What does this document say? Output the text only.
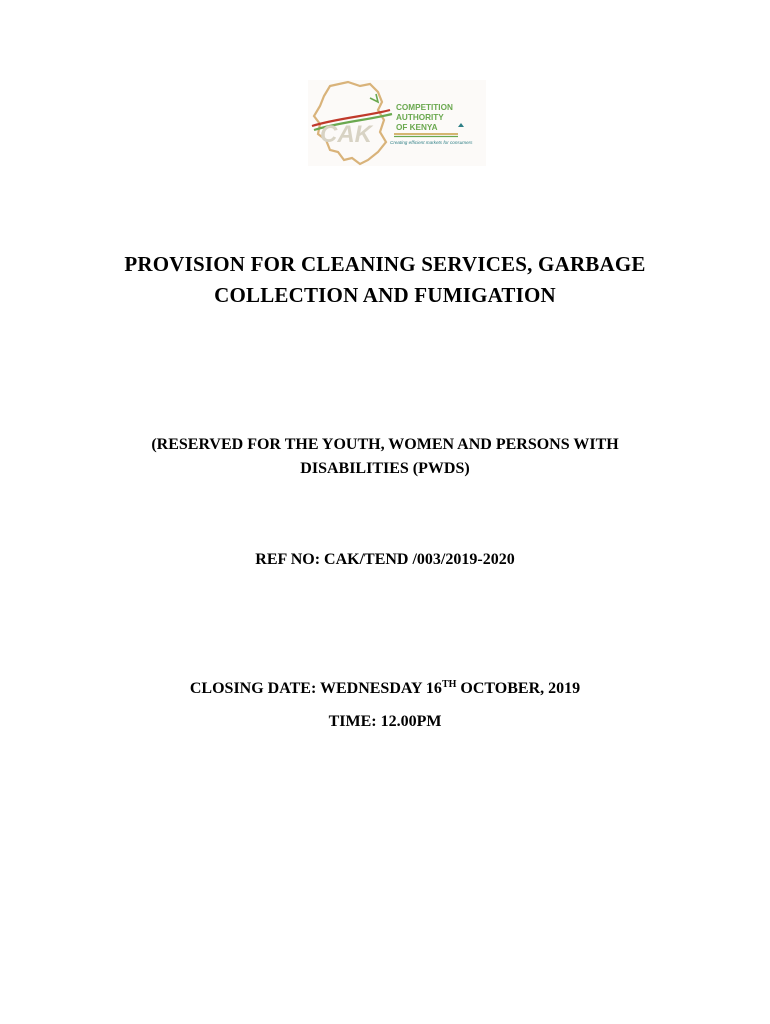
CAK
COMPETITION
AUTHORITY
OF KENYA
Creating efficient markets for consumers
PROVISION FOR CLEANING SERVICES, GARBAGE
COLLECTION AND FUMIGATION
(RESERVED FOR THE YOUTH, WOMEN AND PERSONS WITH
DISABILITIES (PWDS)
REF NO: CAK/TEND /003/2019-2020
CLOSING DATE: WEDNESDAY 16TH OCTOBER, 2019
TIME: 12.00PM
